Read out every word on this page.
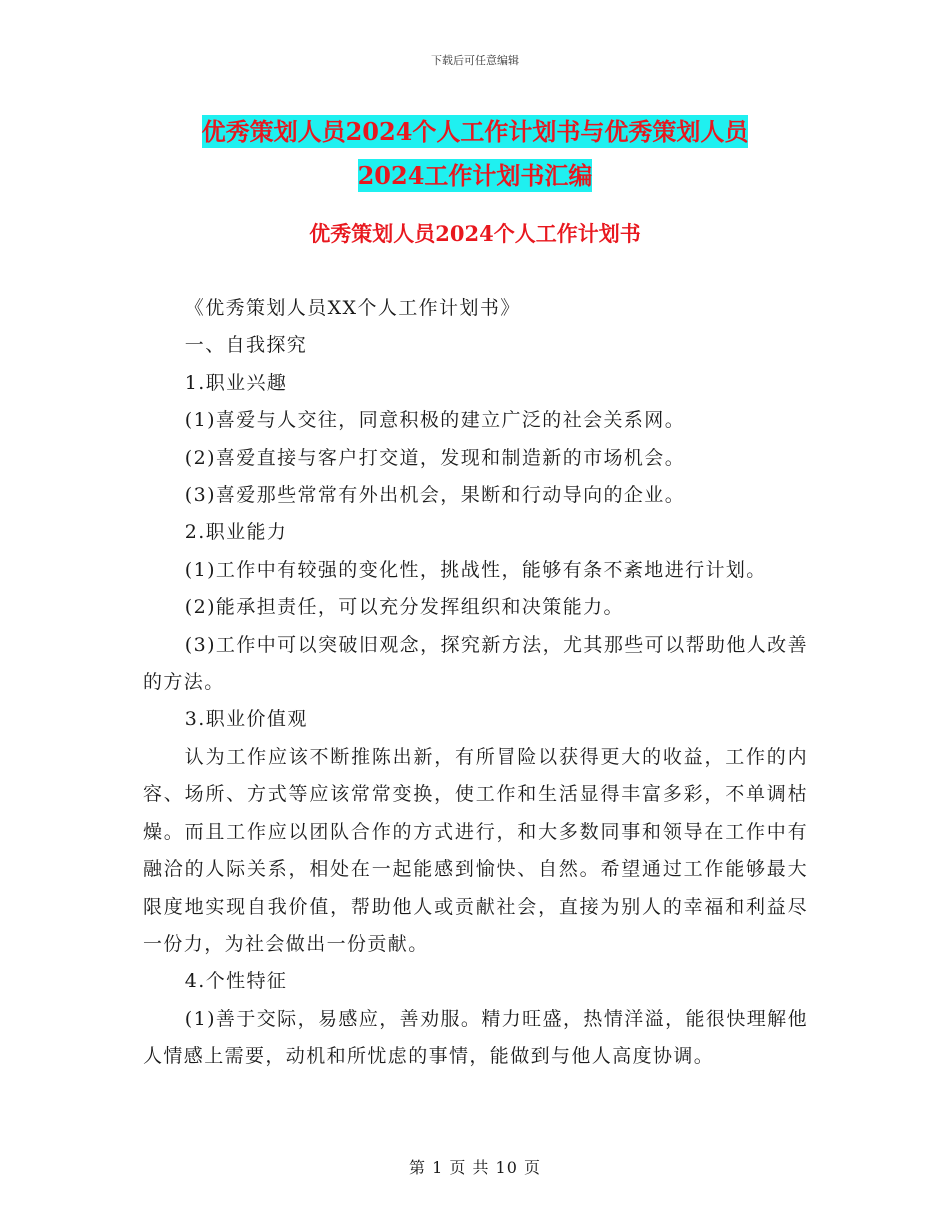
下载后可任意编辑
优秀策划人员2024个人工作计划书与优秀策划人员
2024工作计划书汇编
优秀策划人员2024个人工作计划书

《优秀策划人员XX个人工作计划书》

一、自我探究

1.职业兴趣

(1)喜爱与人交往，同意积极的建立广泛的社会关系网。

(2)喜爱直接与客户打交道，发现和制造新的市场机会。

(3)喜爱那些常常有外出机会，果断和行动导向的企业。

2.职业能力

(1)工作中有较强的变化性，挑战性，能够有条不紊地进行计划。

(2)能承担责任，可以充分发挥组织和决策能力。

(3)工作中可以突破旧观念，探究新方法，尤其那些可以帮助他人改善的方法。

3.职业价值观

认为工作应该不断推陈出新，有所冒险以获得更大的收益，工作的内容、场所、方式等应该常常变换，使工作和生活显得丰富多彩，不单调枯燥。而且工作应以团队合作的方式进行，和大多数同事和领导在工作中有融洽的人际关系，相处在一起能感到愉快、自然。希望通过工作能够最大限度地实现自我价值，帮助他人或贡献社会，直接为别人的幸福和利益尽一份力，为社会做出一份贡献。

4.个性特征

(1)善于交际，易感应，善劝服。精力旺盛，热情洋溢，能很快理解他人情感上需要，动机和所忧虑的事情，能做到与他人高度协调。

第 1 页 共 10 页
